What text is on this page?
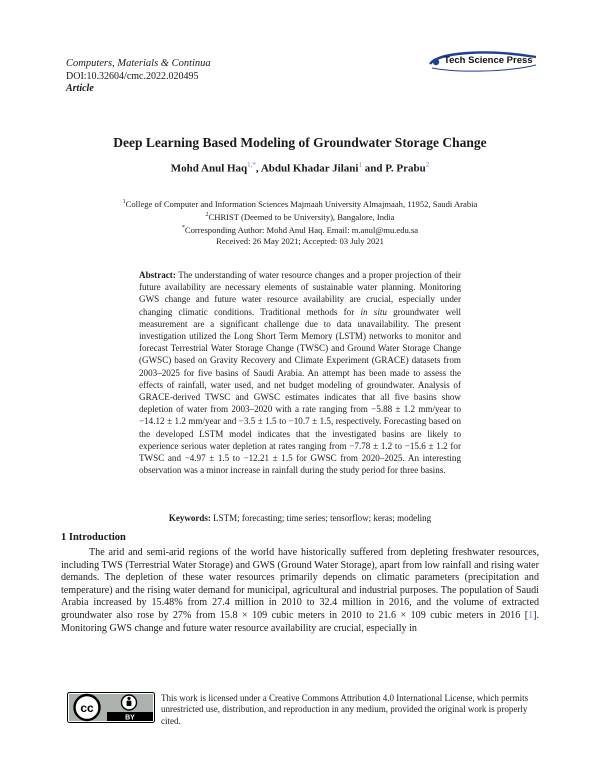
Computers, Materials & Continua
DOI:10.32604/cmc.2022.020495
Article
Tech Science Press
Deep Learning Based Modeling of Groundwater Storage Change
Mohd Anul Haq$^{1,*}$, Abdul Khadar Jilani$^1$ and P. Prabu$^2$
$^1$College of Computer and Information Sciences Majmaah University Almajmaah, 11952, Saudi Arabia
$^2$CHRIST (Deemed to be University), Bangalore, India
*Corresponding Author: Mohd Anul Haq. Email: m.anul@mu.edu.sa
Received: 26 May 2021; Accepted: 03 July 2021
Abstract: The understanding of water resource changes and a proper projection of their future availability are necessary elements of sustainable water planning. Monitoring GWS change and future water resource availability are crucial, especially under changing climatic conditions. Traditional methods for in situ groundwater well measurement are a significant challenge due to data unavailability. The present investigation utilized the Long Short Term Memory (LSTM) networks to monitor and forecast Terrestrial Water Storage Change (TWSC) and Ground Water Storage Change (GWSC) based on Gravity Recovery and Climate Experiment (GRACE) datasets from 2003–2025 for five basins of Saudi Arabia. An attempt has been made to assess the effects of rainfall, water used, and net budget modeling of groundwater. Analysis of GRACE-derived TWSC and GWSC estimates indicates that all five basins show depletion of water from 2003–2020 with a rate ranging from −5.88 ± 1.2 mm/year to −14.12 ± 1.2 mm/year and −3.5 ± 1.5 to −10.7 ± 1.5, respectively. Forecasting based on the developed LSTM model indicates that the investigated basins are likely to experience serious water depletion at rates ranging from −7.78 ± 1.2 to −15.6 ± 1.2 for TWSC and −4.97 ± 1.5 to −12.21 ± 1.5 for GWSC from 2020–2025. An interesting observation was a minor increase in rainfall during the study period for three basins.
Keywords: LSTM; forecasting; time series; tensorflow; keras; modeling
1 Introduction
The arid and semi-arid regions of the world have historically suffered from depleting freshwater resources, including TWS (Terrestrial Water Storage) and GWS (Ground Water Storage), apart from low rainfall and rising water demands. The depletion of these water resources primarily depends on climatic parameters (precipitation and temperature) and the rising water demand for municipal, agricultural and industrial purposes. The population of Saudi Arabia increased by 15.48% from 27.4 million in 2010 to 32.4 million in 2016, and the volume of extracted groundwater also rose by 27% from 15.8 × 109 cubic meters in 2010 to 21.6 × 109 cubic meters in 2016 [1]. Monitoring GWS change and future water resource availability are crucial, especially in
cc
BY
This work is licensed under a Creative Commons Attribution 4.0 International License, which permits unrestricted use, distribution, and reproduction in any medium, provided the original work is properly cited.
